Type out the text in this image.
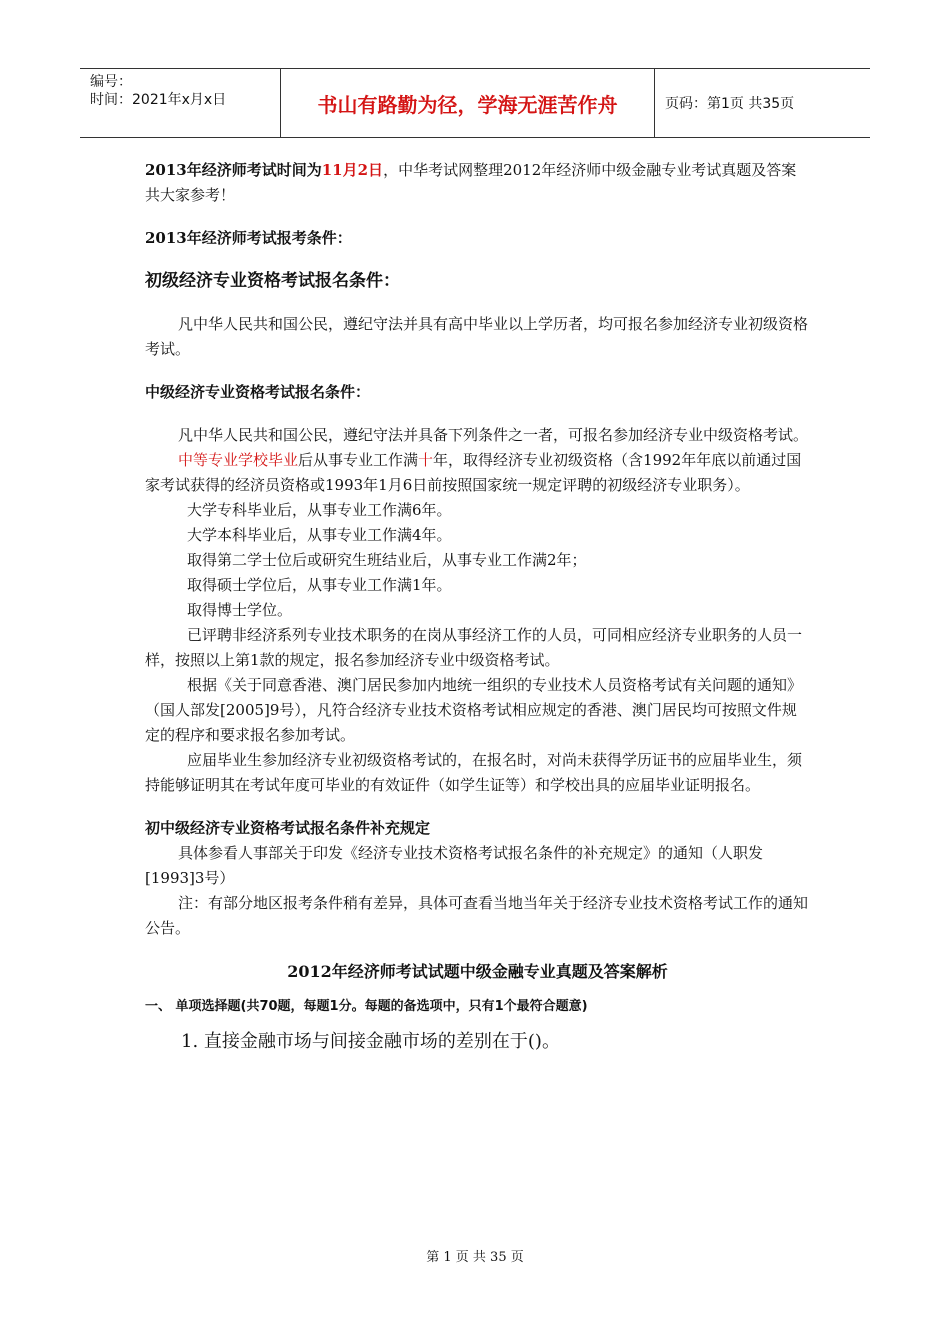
编号：
时间：2021年x月x日	书山有路勤为径，学海无涯苦作舟	页码：第1页 共35页

2013年经济师考试时间为11月2日，中华考试网整理2012年经济师中级金融专业考试真题及答案共大家参考！

2013年经济师考试报考条件：

初级经济专业资格考试报名条件：

凡中华人民共和国公民，遵纪守法并具有高中毕业以上学历者，均可报名参加经济专业初级资格考试。

中级经济专业资格考试报名条件：

凡中华人民共和国公民，遵纪守法并具备下列条件之一者，可报名参加经济专业中级资格考试。

中等专业学校毕业后从事专业工作满十年，取得经济专业初级资格（含1992年年底以前通过国家考试获得的经济员资格或1993年1月6日前按照国家统一规定评聘的初级经济专业职务）。

大学专科毕业后，从事专业工作满6年。

大学本科毕业后，从事专业工作满4年。

取得第二学士位后或研究生班结业后，从事专业工作满2年；

取得硕士学位后，从事专业工作满1年。

取得博士学位。

已评聘非经济系列专业技术职务的在岗从事经济工作的人员，可同相应经济专业职务的人员一样，按照以上第1款的规定，报名参加经济专业中级资格考试。

根据《关于同意香港、澳门居民参加内地统一组织的专业技术人员资格考试有关问题的通知》（国人部发[2005]9号），凡符合经济专业技术资格考试相应规定的香港、澳门居民均可按照文件规定的程序和要求报名参加考试。

应届毕业生参加经济专业初级资格考试的，在报名时，对尚未获得学历证书的应届毕业生，须持能够证明其在考试年度可毕业的有效证件（如学生证等）和学校出具的应届毕业证明报名。

初中级经济专业资格考试报名条件补充规定

具体参看人事部关于印发《经济专业技术资格考试报名条件的补充规定》的通知（人职发[1993]3号）

注：有部分地区报考条件稍有差异，具体可查看当地当年关于经济专业技术资格考试工作的通知公告。

2012年经济师考试试题中级金融专业真题及答案解析

一、 单项选择题(共70题，每题1分。每题的备选项中，只有1个最符合题意)

1. 直接金融市场与间接金融市场的差别在于()。

第 1 页 共 35 页
